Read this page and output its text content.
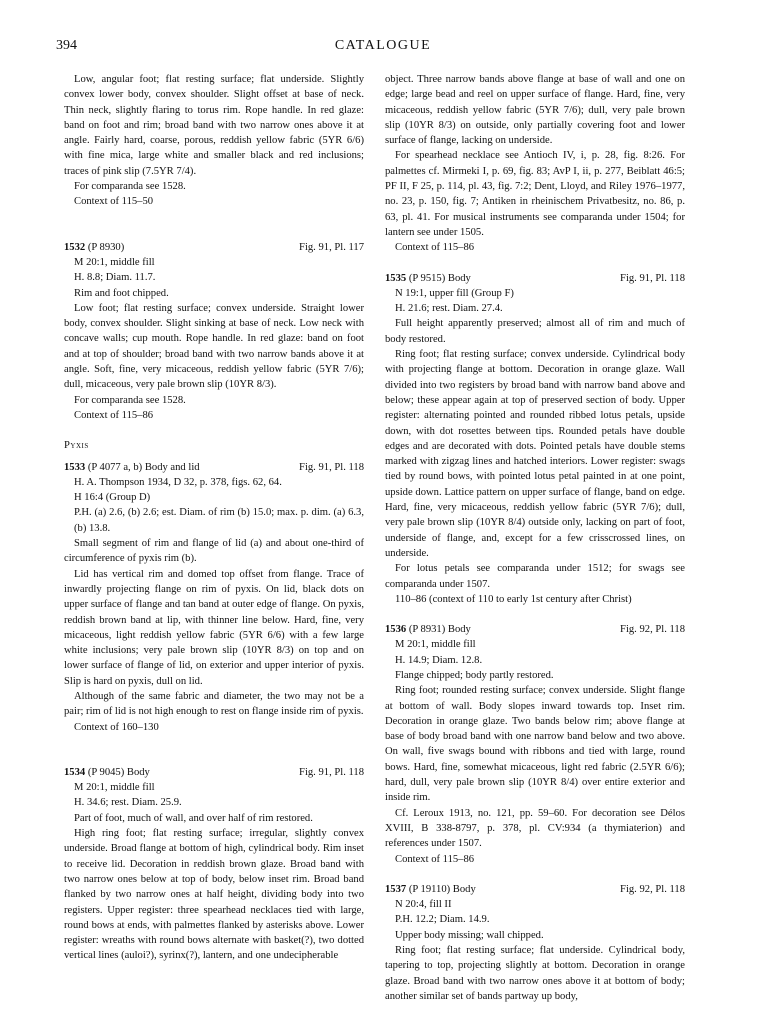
394	CATALOGUE

Low, angular foot; flat resting surface; flat underside. Slightly convex lower body, convex shoulder. Slight offset at base of neck. Thin neck, slightly flaring to torus rim. Rope handle. In red glaze: band on foot and rim; broad band with two narrow ones above it at angle. Fairly hard, coarse, porous, reddish yellow fabric (5YR 6/6) with fine mica, large white and smaller black and red inclusions; traces of pink slip (7.5YR 7/4).

For comparanda see 1528.

Context of 115–50

1532 (P 8930)	Fig. 91, Pl. 117

M 20:1, middle fill

H. 8.8; Diam. 11.7.

Rim and foot chipped.

Low foot; flat resting surface; convex underside. Straight lower body, convex shoulder. Slight sinking at base of neck. Low neck with concave walls; cup mouth. Rope handle. In red glaze: band on foot and at top of shoulder; broad band with two narrow bands above it at angle. Soft, fine, very micaceous, reddish yellow fabric (5YR 7/6); dull, micaceous, very pale brown slip (10YR 8/3).

For comparanda see 1528.

Context of 115–86

Pyxis

1533 (P 4077 a, b) Body and lid	Fig. 91, Pl. 118

H. A. Thompson 1934, D 32, p. 378, figs. 62, 64.

H 16:4 (Group D)

P.H. (a) 2.6, (b) 2.6; est. Diam. of rim (b) 15.0; max. p. dim. (a) 6.3, (b) 13.8.

Small segment of rim and flange of lid (a) and about one-third of circumference of pyxis rim (b).

Lid has vertical rim and domed top offset from flange. Trace of inwardly projecting flange on rim of pyxis. On lid, black dots on upper surface of flange and tan band at outer edge of flange. On pyxis, reddish brown band at lip, with thinner line below. Hard, fine, very micaceous, light reddish yellow fabric (5YR 6/6) with a few large white inclusions; very pale brown slip (10YR 8/3) on top and on lower surface of flange of lid, on exterior and upper interior of pyxis. Slip is hard on pyxis, dull on lid.

Although of the same fabric and diameter, the two may not be a pair; rim of lid is not high enough to rest on flange inside rim of pyxis.

Context of 160–130

1534 (P 9045) Body	Fig. 91, Pl. 118

M 20:1, middle fill

H. 34.6; rest. Diam. 25.9.

Part of foot, much of wall, and over half of rim restored.

High ring foot; flat resting surface; irregular, slightly convex underside. Broad flange at bottom of high, cylindrical body. Rim inset to receive lid. Decoration in reddish brown glaze. Broad band with two narrow ones below at top of body, below inset rim. Broad band flanked by two narrow ones at half height, dividing body into two registers. Upper register: three spearhead necklaces tied with large, round bows at ends, with palmettes flanked by asterisks above. Lower register: wreaths with round bows alternate with basket(?), two dotted vertical lines (auloi?), syrinx(?), lantern, and one undecipherable

object. Three narrow bands above flange at base of wall and one on edge; large bead and reel on upper surface of flange. Hard, fine, very micaceous, reddish yellow fabric (5YR 7/6); dull, very pale brown slip (10YR 8/3) on outside, only partially covering foot and lower surface of flange, lacking on underside.

For spearhead necklace see Antioch IV, i, p. 28, fig. 8:26. For palmettes cf. Mirmeki I, p. 69, fig. 83; AvP I, ii, p. 277, Beiblatt 46:5; PF II, F 25, p. 114, pl. 43, fig. 7:2; Dent, Lloyd, and Riley 1976–1977, no. 23, p. 150, fig. 7; Antiken in rheinischem Privatbesitz, no. 86, p. 63, pl. 41. For musical instruments see comparanda under 1504; for lantern see under 1505.

Context of 115–86

1535 (P 9515) Body	Fig. 91, Pl. 118

N 19:1, upper fill (Group F)

H. 21.6; rest. Diam. 27.4.

Full height apparently preserved; almost all of rim and much of body restored.

Ring foot; flat resting surface; convex underside. Cylindrical body with projecting flange at bottom. Decoration in orange glaze. Wall divided into two registers by broad band with narrow band above and below; these appear again at top of preserved section of body. Upper register: alternating pointed and rounded ribbed lotus petals, upside down, with dot rosettes between tips. Rounded petals have double edges and are decorated with dots. Pointed petals have double stems marked with zigzag lines and hatched interiors. Lower register: swags tied by round bows, with pointed lotus petal painted in at one point, upside down. Lattice pattern on upper surface of flange, band on edge. Hard, fine, very micaceous, reddish yellow fabric (5YR 7/6); dull, very pale brown slip (10YR 8/4) outside only, lacking on part of foot, underside of flange, and, except for a few crisscrossed lines, on underside.

For lotus petals see comparanda under 1512; for swags see comparanda under 1507.

110–86 (context of 110 to early 1st century after Christ)

1536 (P 8931) Body	Fig. 92, Pl. 118

M 20:1, middle fill

H. 14.9; Diam. 12.8.

Flange chipped; body partly restored.

Ring foot; rounded resting surface; convex underside. Slight flange at bottom of wall. Body slopes inward towards top. Inset rim. Decoration in orange glaze. Two bands below rim; above flange at base of body broad band with one narrow band below and two above. On wall, five swags bound with ribbons and tied with large, round bows. Hard, fine, somewhat micaceous, light red fabric (2.5YR 6/6); hard, dull, very pale brown slip (10YR 8/4) over entire exterior and inside rim.

Cf. Leroux 1913, no. 121, pp. 59–60. For decoration see Délos XVIII, B 338-8797, p. 378, pl. CV:934 (a thymiaterion) and references under 1507.

Context of 115–86

1537 (P 19110) Body	Fig. 92, Pl. 118

N 20:4, fill II

P.H. 12.2; Diam. 14.9.

Upper body missing; wall chipped.

Ring foot; flat resting surface; flat underside. Cylindrical body, tapering to top, projecting slightly at bottom. Decoration in orange glaze. Broad band with two narrow ones above it at bottom of body; another similar set of bands partway up body,
